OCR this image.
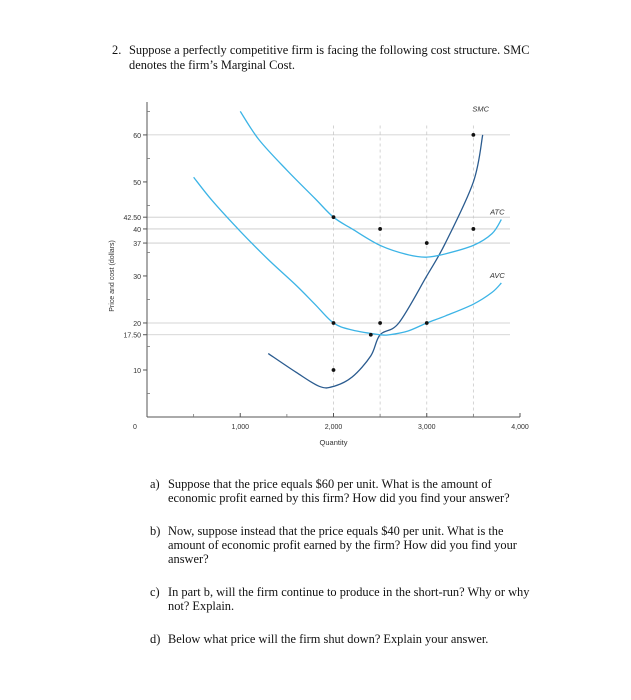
2. Suppose a perfectly competitive firm is facing the following cost structure. SMC
denotes the firm’s Marginal Cost.
10
17.50
20
30
37
40
42.50
50
60
0	1,000	2,000	3,000	4,000
Quantity
Price and cost (dollars)
SMC
ATC
AVC
a) Suppose that the price equals $60 per unit. What is the amount of economic profit earned by this firm? How did you find your answer?
b) Now, suppose instead that the price equals $40 per unit. What is the amount of economic profit earned by the firm? How did you find your answer?
c) In part b, will the firm continue to produce in the short-run? Why or why not? Explain.
d) Below what price will the firm shut down? Explain your answer.
